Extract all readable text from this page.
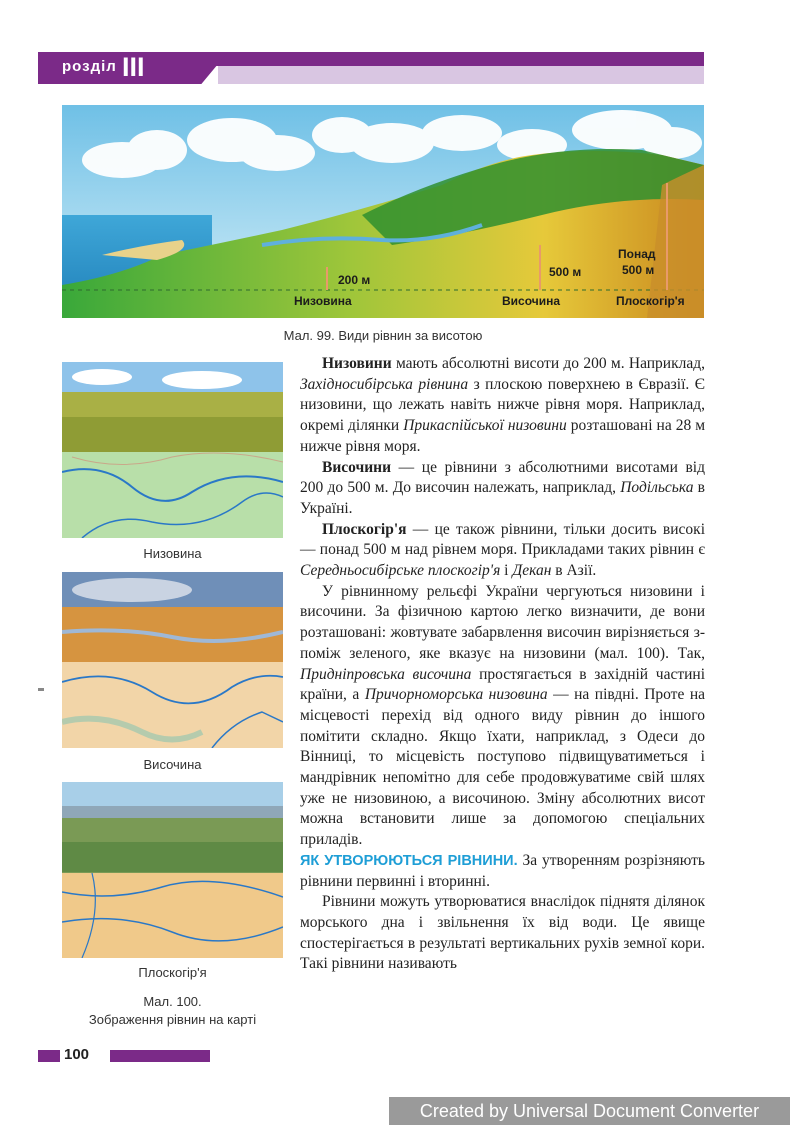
розділ III
200 м
500 м
Понад
500 м
Низовина	Височина	Плоскогір'я
Мал. 99. Види рівнин за висотою
Низовина
Височина
Плоскогір'я
Мал. 100.
Зображення рівнин на карті

Низовини мають абсолютні висоти до 200 м. Наприклад, Західносибірська рівнина з плоскою поверхнею в Євразії. Є низовини, що лежать навіть нижче рівня моря. Наприклад, окремі ділянки Прикаспійської низовини розташовані на 28 м нижче рівня моря.

Височини — це рівнини з абсолютними висотами від 200 до 500 м. До височин належать, наприклад, Подільська в Україні.

Плоскогір'я — це також рівнини, тільки досить високі — понад 500 м над рівнем моря. Прикладами таких рівнин є Середньосибірське плоскогір'я і Декан в Азії.

У рівнинному рельєфі України чергуються низовини і височини. За фізичною картою легко визначити, де вони розташовані: жовтувате забарвлення височин вирізняється з-поміж зеленого, яке вказує на низовини (мал. 100). Так, Придніпровська височина простягається в західній частині країни, а Причорноморська низовина — на півдні. Проте на місцевості перехід від одного виду рівнин до іншого помітити складно. Якщо їхати, наприклад, з Одеси до Вінниці, то місцевість поступово підвищуватиметься і мандрівник непомітно для себе продовжуватиме свій шлях уже не низовиною, а височиною. Зміну абсолютних висот можна встановити лише за допомогою спеціальних приладів.

ЯК УТВОРЮЮТЬСЯ РІВНИНИ. За утворенням розрізняють рівнини первинні і вторинні.

Рівнини можуть утворюватися внаслідок піднятя ділянок морського дна і звільнення їх від води. Це явище спостерігається в результаті вертикальних рухів земної кори. Такі рівнини називають

100
Created by Universal Document Converter
